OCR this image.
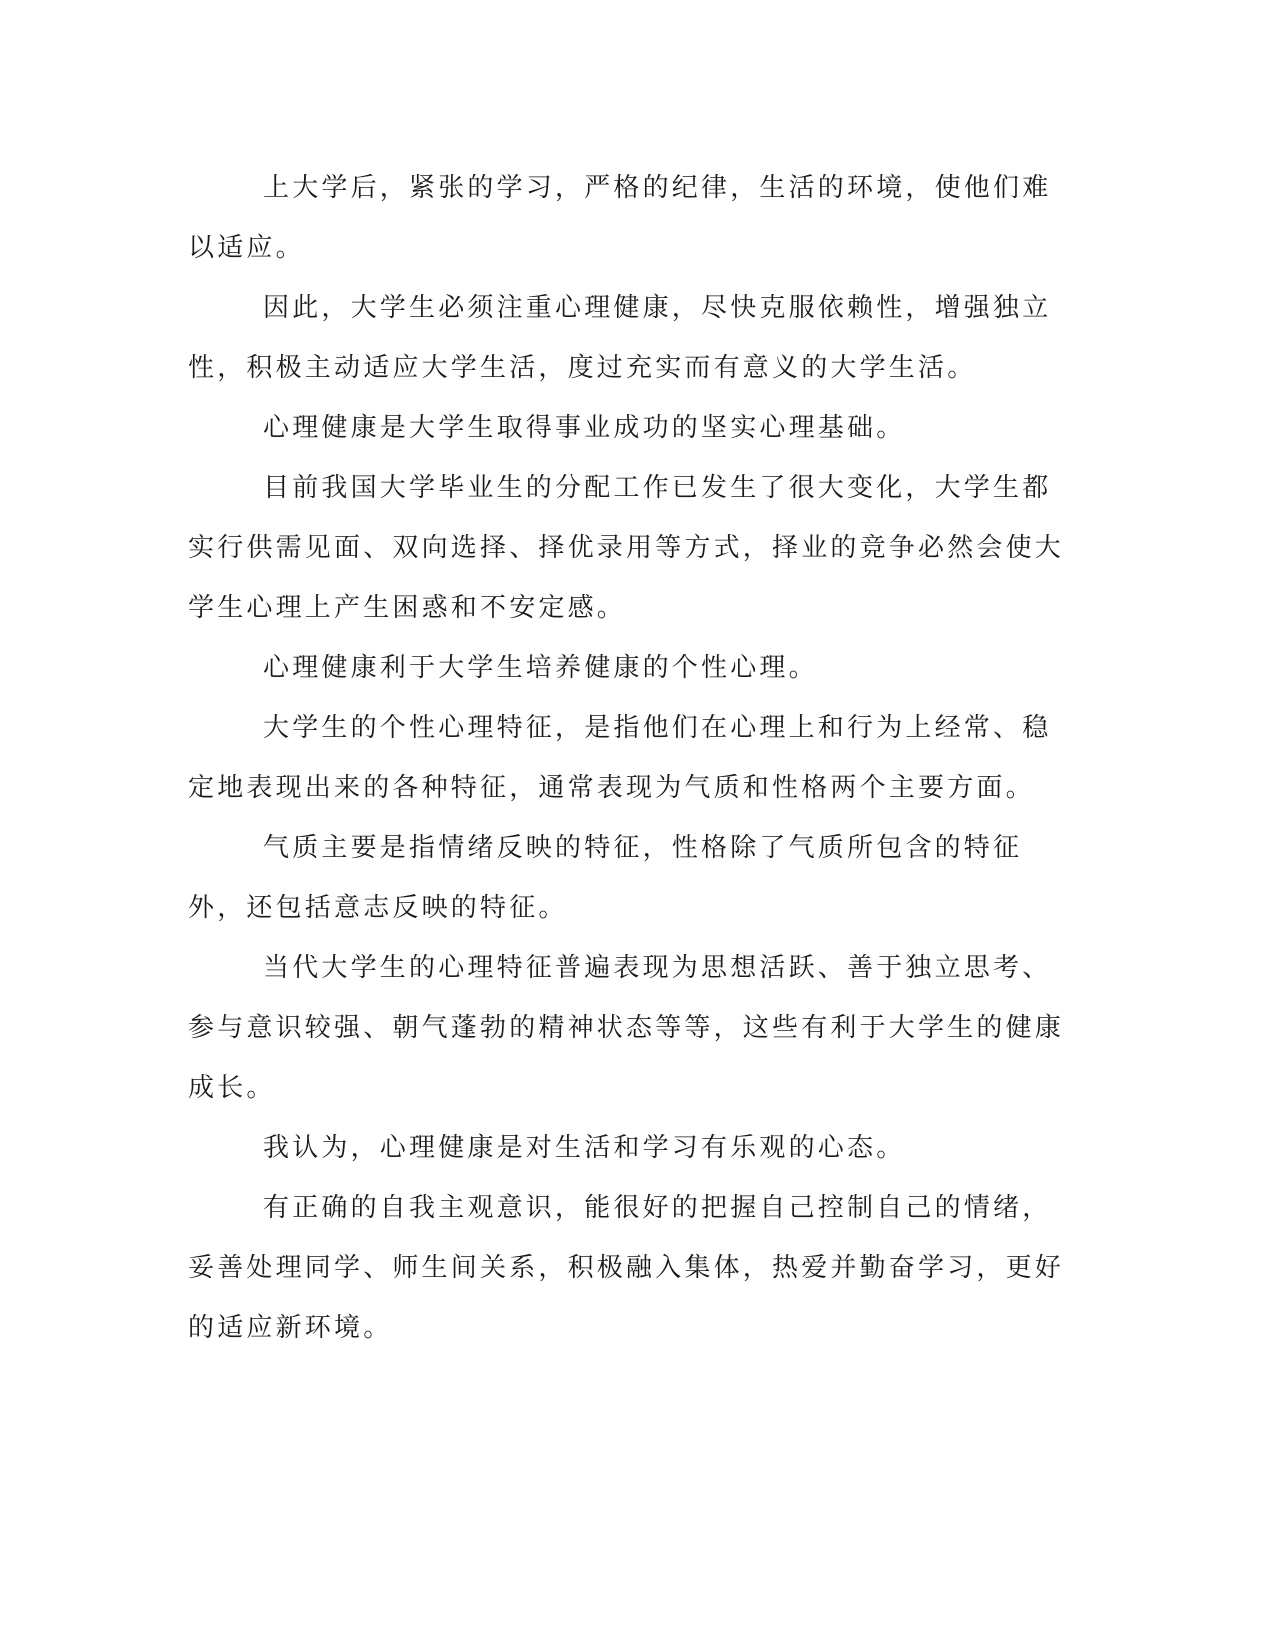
上大学后，紧张的学习，严格的纪律，生活的环境，使他们难以适应。

因此，大学生必须注重心理健康，尽快克服依赖性，增强独立性，积极主动适应大学生活，度过充实而有意义的大学生活。

心理健康是大学生取得事业成功的坚实心理基础。

目前我国大学毕业生的分配工作已发生了很大变化，大学生都实行供需见面、双向选择、择优录用等方式，择业的竞争必然会使大学生心理上产生困惑和不安定感。

心理健康利于大学生培养健康的个性心理。

大学生的个性心理特征，是指他们在心理上和行为上经常、稳定地表现出来的各种特征，通常表现为气质和性格两个主要方面。

气质主要是指情绪反映的特征，性格除了气质所包含的特征外，还包括意志反映的特征。

当代大学生的心理特征普遍表现为思想活跃、善于独立思考、参与意识较强、朝气蓬勃的精神状态等等，这些有利于大学生的健康成长。

我认为，心理健康是对生活和学习有乐观的心态。

有正确的自我主观意识，能很好的把握自己控制自己的情绪，妥善处理同学、师生间关系，积极融入集体，热爱并勤奋学习，更好的适应新环境。
